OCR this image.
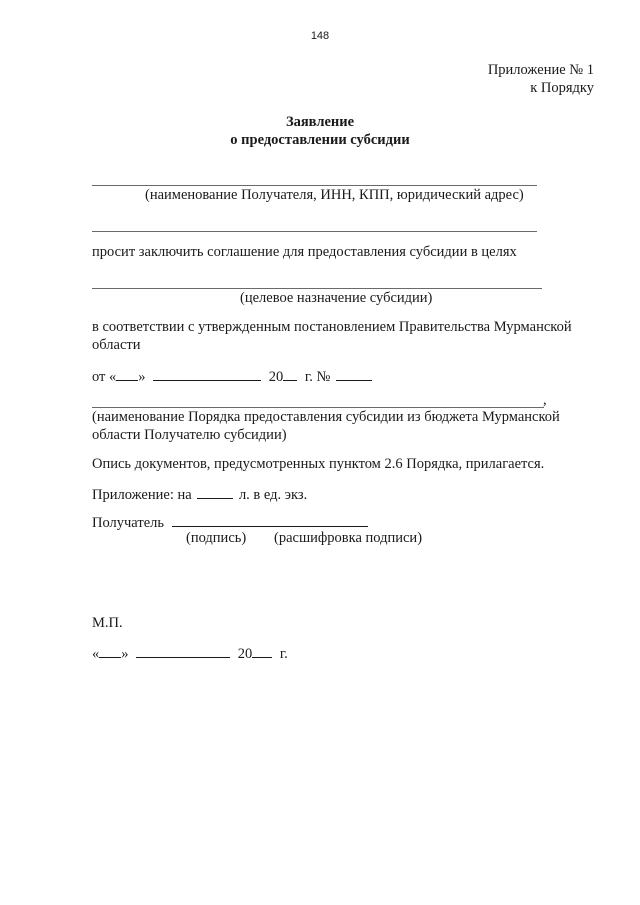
148
Приложение № 1
к Порядку
Заявление
о предоставлении субсидии
(наименование Получателя, ИНН, КПП, юридический адрес)
просит заключить соглашение для предоставления субсидии в целях
(целевое назначение субсидии)
в соответствии с утвержденным постановлением Правительства Мурманской
области
от « »	20 г. №
,
(наименование Порядка предоставления субсидии из бюджета Мурманской
области Получателю субсидии)
Опись документов, предусмотренных пунктом 2.6 Порядка, прилагается.
Приложение: на	л. в ед. экз.
Получатель
(подпись) (расшифровка подписи)
М.П.
« »	20 г.
